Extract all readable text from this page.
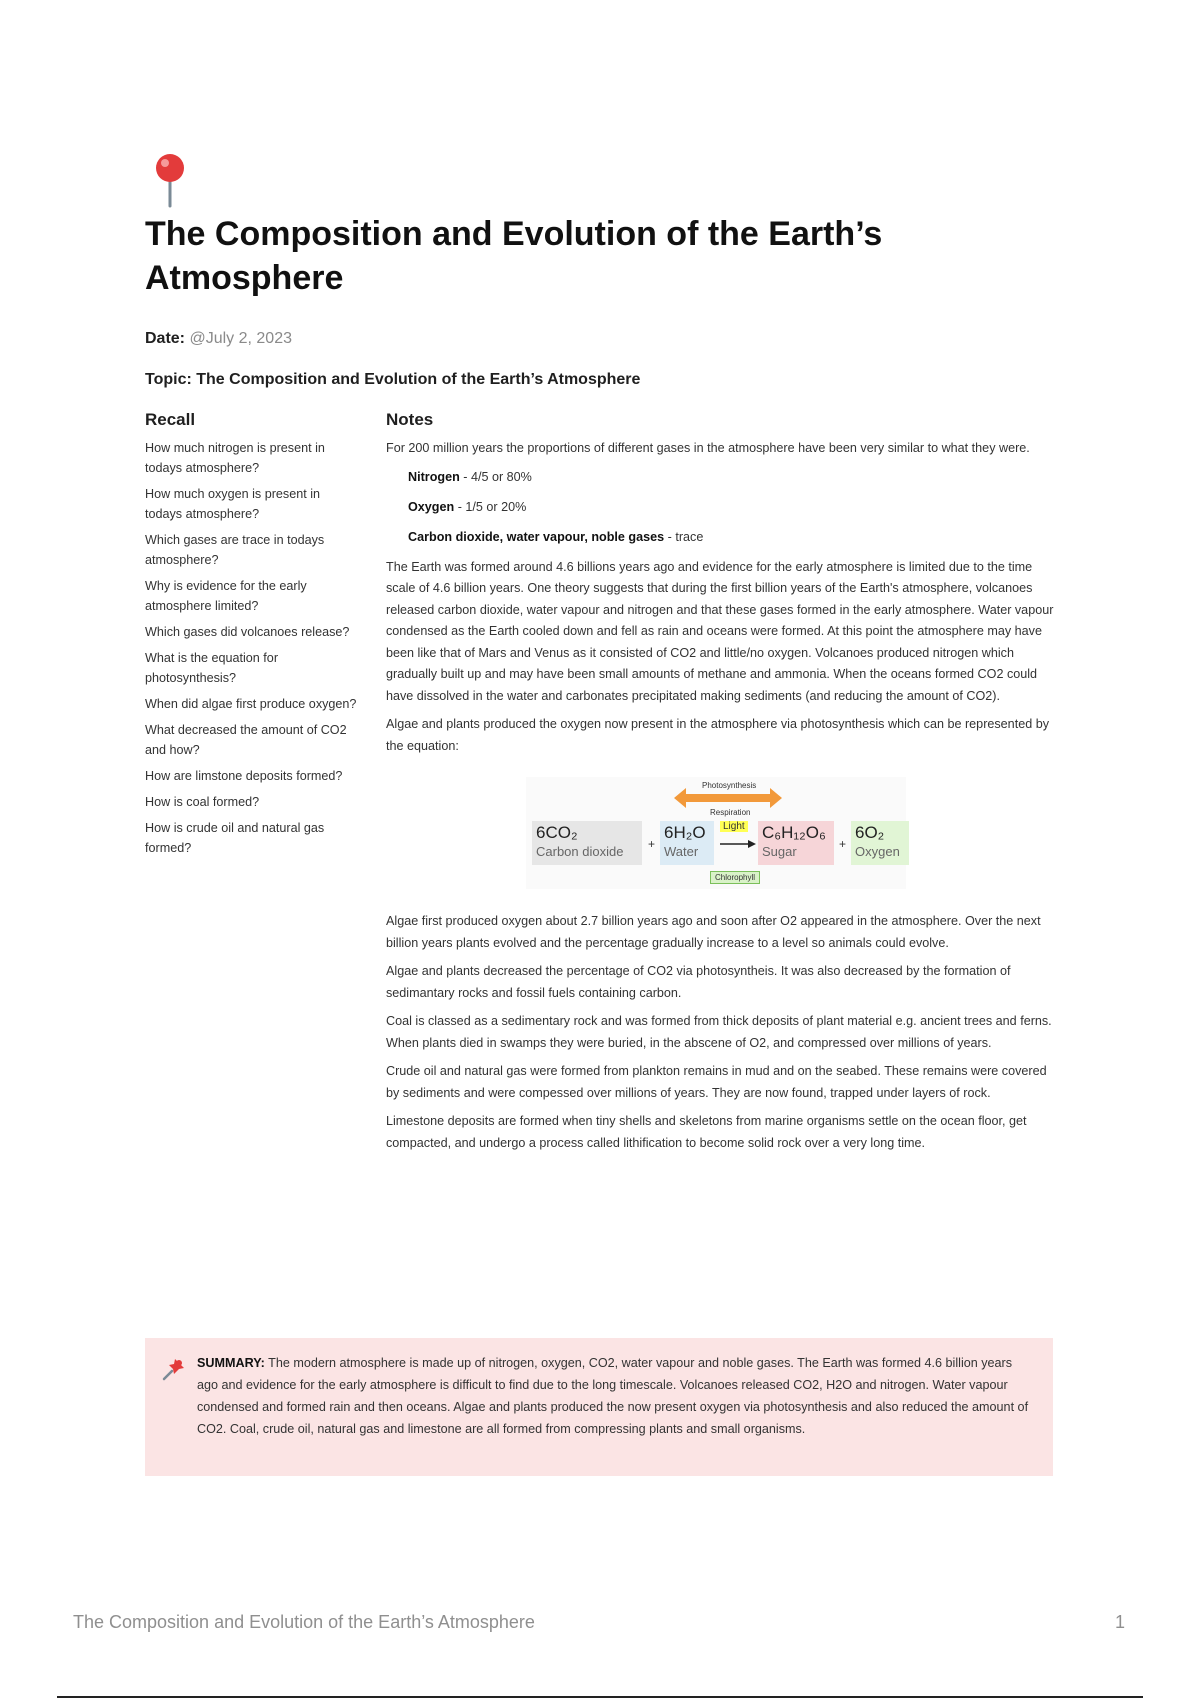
The Composition and Evolution of the Earth’s Atmosphere
Date: @July 2, 2023
Topic: The Composition and Evolution of the Earth’s Atmosphere
Recall
How much nitrogen is present in todays atmosphere?
How much oxygen is present in todays atmosphere?
Which gases are trace in todays atmosphere?
Why is evidence for the early atmosphere limited?
Which gases did volcanoes release?
What is the equation for photosynthesis?
When did algae first produce oxygen?
What decreased the amount of CO2 and how?
How are limstone deposits formed?
How is coal formed?
How is crude oil and natural gas formed?
Notes

For 200 million years the proportions of different gases in the atmosphere have been very similar to what they were.

Nitrogen - 4/5 or 80%
Oxygen - 1/5 or 20%
Carbon dioxide, water vapour, noble gases - trace

The Earth was formed around 4.6 billions years ago and evidence for the early atmosphere is limited due to the time scale of 4.6 billion years. One theory suggests that during the first billion years of the Earth's atmosphere, volcanoes released carbon dioxide, water vapour and nitrogen and that these gases formed in the early atmosphere. Water vapour condensed as the Earth cooled down and fell as rain and oceans were formed. At this point the atmosphere may have been like that of Mars and Venus as it consisted of CO2 and little/no oxygen. Volcanoes produced nitrogen which gradually built up and may have been small amounts of methane and ammonia. When the oceans formed CO2 could have dissolved in the water and carbonates precipitated making sediments (and reducing the amount of CO2).

Algae and plants produced the oxygen now present in the atmosphere via photosynthesis which can be represented by the equation:

Photosynthesis
Respiration
6CO₂
Carbon dioxide	+
6H₂O
Water
Light C₆H₁₂O₆
Sugar	+
6O₂
Oxygen
Chlorophyll

Algae first produced oxygen about 2.7 billion years ago and soon after O2 appeared in the atmosphere. Over the next billion years plants evolved and the percentage gradually increase to a level so animals could evolve.

Algae and plants decreased the percentage of CO2 via photosyntheis. It was also decreased by the formation of sedimantary rocks and fossil fuels containing carbon.

Coal is classed as a sedimentary rock and was formed from thick deposits of plant material e.g. ancient trees and ferns. When plants died in swamps they were buried, in the abscene of O2, and compressed over millions of years.

Crude oil and natural gas were formed from plankton remains in mud and on the seabed. These remains were covered by sediments and were compessed over millions of years. They are now found, trapped under layers of rock.

Limestone deposits are formed when tiny shells and skeletons from marine organisms settle on the ocean floor, get compacted, and undergo a process called lithification to become solid rock over a very long time.

SUMMARY: The modern atmosphere is made up of nitrogen, oxygen, CO2, water vapour and noble gases. The Earth was formed 4.6 billion years ago and evidence for the early atmosphere is difficult to find due to the long timescale. Volcanoes released CO2, H2O and nitrogen. Water vapour condensed and formed rain and then oceans. Algae and plants produced the now present oxygen via photosynthesis and also reduced the amount of CO2. Coal, crude oil, natural gas and limestone are all formed from compressing plants and small organisms.

The Composition and Evolution of the Earth’s Atmosphere	1
